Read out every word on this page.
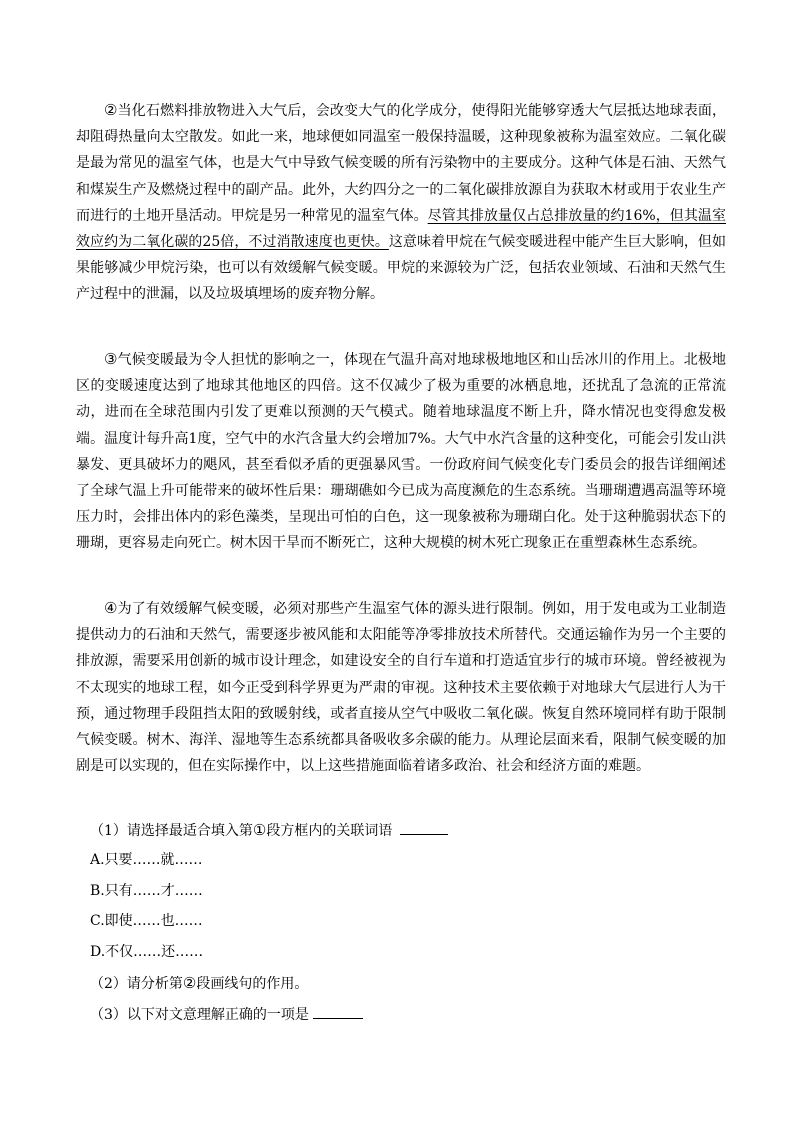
②当化石燃料排放物进入大气后，会改变大气的化学成分，使得阳光能够穿透大气层抵达地球表面，却阻碍热量向太空散发。如此一来，地球便如同温室一般保持温暖，这种现象被称为温室效应。二氧化碳是最为常见的温室气体，也是大气中导致气候变暖的所有污染物中的主要成分。这种气体是石油、天然气和煤炭生产及燃烧过程中的副产品。此外，大约四分之一的二氧化碳排放源自为获取木材或用于农业生产而进行的土地开垦活动。甲烷是另一种常见的温室气体。尽管其排放量仅占总排放量的约16%，但其温室效应约为二氧化碳的25倍，不过消散速度也更快。这意味着甲烷在气候变暖进程中能产生巨大影响，但如果能够减少甲烷污染，也可以有效缓解气候变暖。甲烷的来源较为广泛，包括农业领域、石油和天然气生产过程中的泄漏，以及垃圾填埋场的废弃物分解。

③气候变暖最为令人担忧的影响之一，体现在气温升高对地球极地地区和山岳冰川的作用上。北极地区的变暖速度达到了地球其他地区的四倍。这不仅减少了极为重要的冰栖息地，还扰乱了急流的正常流动，进而在全球范围内引发了更难以预测的天气模式。随着地球温度不断上升，降水情况也变得愈发极端。温度计每升高1度，空气中的水汽含量大约会增加7%。大气中水汽含量的这种变化，可能会引发山洪暴发、更具破坏力的飓风，甚至看似矛盾的更强暴风雪。一份政府间气候变化专门委员会的报告详细阐述了全球气温上升可能带来的破坏性后果：珊瑚礁如今已成为高度濒危的生态系统。当珊瑚遭遇高温等环境压力时，会排出体内的彩色藻类，呈现出可怕的白色，这一现象被称为珊瑚白化。处于这种脆弱状态下的珊瑚，更容易走向死亡。树木因干旱而不断死亡，这种大规模的树木死亡现象正在重塑森林生态系统。

④为了有效缓解气候变暖，必须对那些产生温室气体的源头进行限制。例如，用于发电或为工业制造提供动力的石油和天然气，需要逐步被风能和太阳能等净零排放技术所替代。交通运输作为另一个主要的排放源，需要采用创新的城市设计理念，如建设安全的自行车道和打造适宜步行的城市环境。曾经被视为不太现实的地球工程，如今正受到科学界更为严肃的审视。这种技术主要依赖于对地球大气层进行人为干预，通过物理手段阻挡太阳的致暖射线，或者直接从空气中吸收二氧化碳。恢复自然环境同样有助于限制气候变暖。树木、海洋、湿地等生态系统都具备吸收多余碳的能力。从理论层面来看，限制气候变暖的加剧是可以实现的，但在实际操作中，以上这些措施面临着诸多政治、社会和经济方面的难题。

（1）请选择最适合填入第①段方框内的关联词语

A.只要……就……

B.只有……才……

C.即使……也……

D.不仅……还……

（2）请分析第②段画线句的作用。

（3）以下对文意理解正确的一项是
